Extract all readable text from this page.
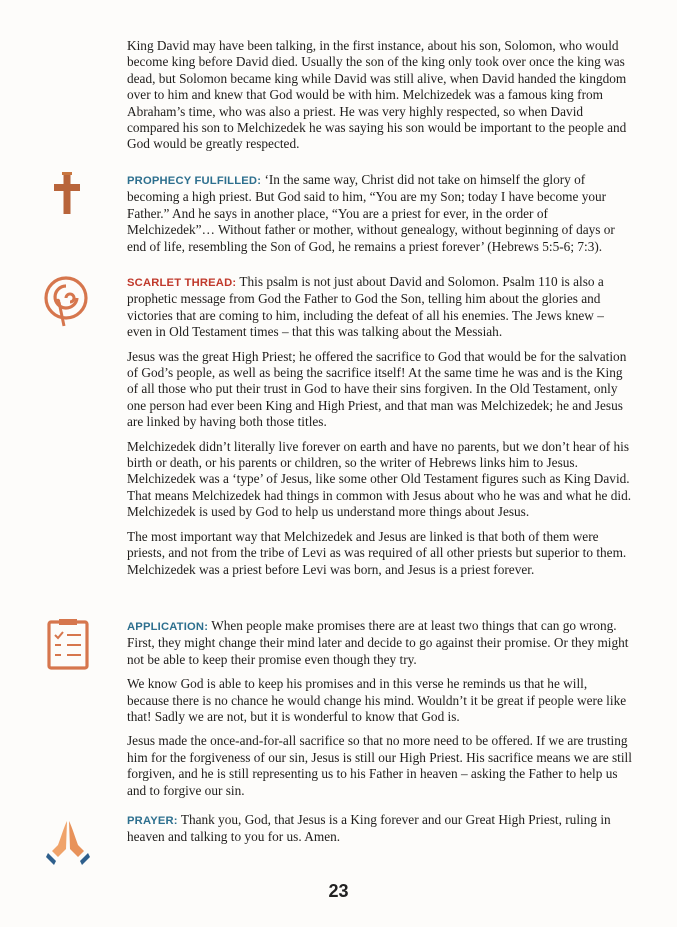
King David may have been talking, in the first instance, about his son, Solomon, who would become king before David died. Usually the son of the king only took over once the king was dead, but Solomon became king while David was still alive, when David handed the kingdom over to him and knew that God would be with him. Melchizedek was a famous king from Abraham’s time, who was also a priest. He was very highly respected, so when David compared his son to Melchizedek he was saying his son would be important to the people and God would be greatly respected.

PROPHECY FULFILLED: ‘In the same way, Christ did not take on himself the glory of becoming a high priest. But God said to him, “You are my Son; today I have become your Father.” And he says in another place, “You are a priest for ever, in the order of Melchizedek”… Without father or mother, without genealogy, without beginning of days or end of life, resembling the Son of God, he remains a priest forever’ (Hebrews 5:5-6; 7:3).

SCARLET THREAD: This psalm is not just about David and Solomon. Psalm 110 is also a prophetic message from God the Father to God the Son, telling him about the glories and victories that are coming to him, including the defeat of all his enemies. The Jews knew – even in Old Testament times – that this was talking about the Messiah.

Jesus was the great High Priest; he offered the sacrifice to God that would be for the salvation of God’s people, as well as being the sacrifice itself! At the same time he was and is the King of all those who put their trust in God to have their sins forgiven. In the Old Testament, only one person had ever been King and High Priest, and that man was Melchizedek; he and Jesus are linked by having both those titles.

Melchizedek didn’t literally live forever on earth and have no parents, but we don’t hear of his birth or death, or his parents or children, so the writer of Hebrews links him to Jesus. Melchizedek was a ‘type’ of Jesus, like some other Old Testament figures such as King David. That means Melchizedek had things in common with Jesus about who he was and what he did. Melchizedek is used by God to help us understand more things about Jesus.

The most important way that Melchizedek and Jesus are linked is that both of them were priests, and not from the tribe of Levi as was required of all other priests but superior to them. Melchizedek was a priest before Levi was born, and Jesus is a priest forever.

APPLICATION: When people make promises there are at least two things that can go wrong. First, they might change their mind later and decide to go against their promise. Or they might not be able to keep their promise even though they try.

We know God is able to keep his promises and in this verse he reminds us that he will, because there is no chance he would change his mind. Wouldn’t it be great if people were like that! Sadly we are not, but it is wonderful to know that God is.

Jesus made the once-and-for-all sacrifice so that no more need to be offered. If we are trusting him for the forgiveness of our sin, Jesus is still our High Priest. His sacrifice means we are still forgiven, and he is still representing us to his Father in heaven – asking the Father to help us and to forgive our sin.

PRAYER: Thank you, God, that Jesus is a King forever and our Great High Priest, ruling in heaven and talking to you for us. Amen.

23
